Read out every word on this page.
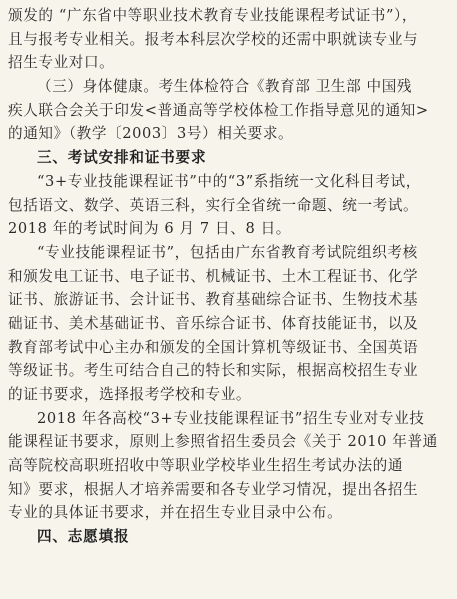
颁发的 “广东省中等职业技术教育专业技能课程考试证书”），
且与报考专业相关。报考本科层次学校的还需中职就读专业与
招生专业对口。
（三）身体健康。考生体检符合《教育部 卫生部 中国残
疾人联合会关于印发<普通高等学校体检工作指导意见的通知>
的通知》（教学〔2003〕3号）相关要求。
三、考试安排和证书要求
“3+专业技能课程证书”中的“3”系指统一文化科目考试，
包括语文、数学、英语三科，实行全省统一命题、统一考试。
2018 年的考试时间为 6 月 7 日、8 日。
“专业技能课程证书”，包括由广东省教育考试院组织考核
和颁发电工证书、电子证书、机械证书、土木工程证书、化学
证书、旅游证书、会计证书、教育基础综合证书、生物技术基
础证书、美术基础证书、音乐综合证书、体育技能证书，以及
教育部考试中心主办和颁发的全国计算机等级证书、全国英语
等级证书。考生可结合自己的特长和实际，根据高校招生专业
的证书要求，选择报考学校和专业。
2018 年各高校“3+专业技能课程证书”招生专业对专业技
能课程证书要求，原则上参照省招生委员会《关于 2010 年普通
高等院校高职班招收中等职业学校毕业生招生考试办法的通
知》要求，根据人才培养需要和各专业学习情况，提出各招生
专业的具体证书要求，并在招生专业目录中公布。
四、志愿填报
